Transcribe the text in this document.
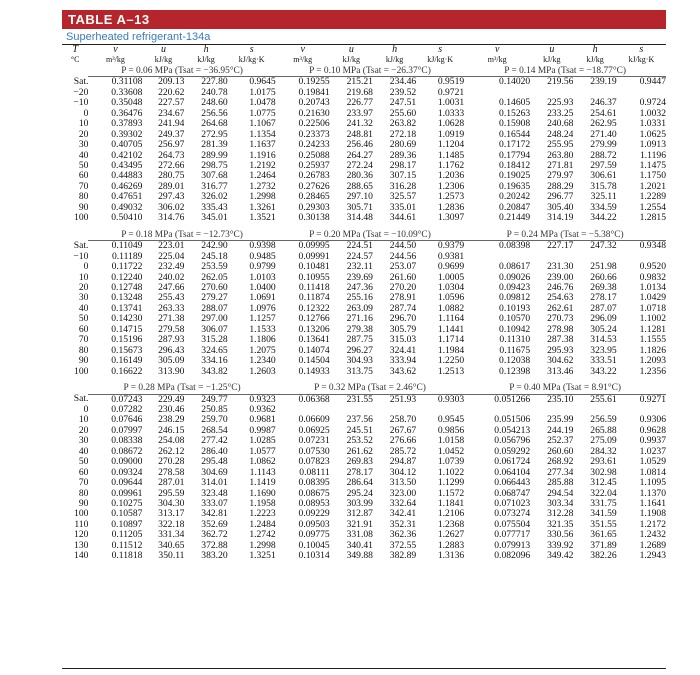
TABLE A–13
Superheated refrigerant-134a
T	v	u	h	s	v	u	h	s	v	u	h	s
°C	m³/kg	kJ/kg	kJ/kg	kJ/kg·K	m³/kg	kJ/kg	kJ/kg	kJ/kg·K	m³/kg	kJ/kg	kJ/kg	kJ/kg·K
	P = 0.06 MPa (Tsat = −36.95°C)				P = 0.10 MPa (Tsat = −26.37°C)				P = 0.14 MPa (Tsat = −18.77°C)			
Sat.	0.31108	209.13	227.80	0.9645	0.19255	215.21	234.46	0.9519	0.14020	219.56	239.19	0.9447
−20	0.33608	220.62	240.78	1.0175	0.19841	219.68	239.52	0.9721				
−10	0.35048	227.57	248.60	1.0478	0.20743	226.77	247.51	1.0031	0.14605	225.93	246.37	0.9724
0	0.36476	234.67	256.56	1.0775	0.21630	233.97	255.60	1.0333	0.15263	233.25	254.61	1.0032
10	0.37893	241.94	264.68	1.1067	0.22506	241.32	263.82	1.0628	0.15908	240.68	262.95	1.0331
20	0.39302	249.37	272.95	1.1354	0.23373	248.81	272.18	1.0919	0.16544	248.24	271.40	1.0625
30	0.40705	256.97	281.39	1.1637	0.24233	256.46	280.69	1.1204	0.17172	255.95	279.99	1.0913
40	0.42102	264.73	289.99	1.1916	0.25088	264.27	289.36	1.1485	0.17794	263.80	288.72	1.1196
50	0.43495	272.66	298.75	1.2192	0.25937	272.24	298.17	1.1762	0.18412	271.81	297.59	1.1475
60	0.44883	280.75	307.68	1.2464	0.26783	280.36	307.15	1.2036	0.19025	279.97	306.61	1.1750
70	0.46269	289.01	316.77	1.2732	0.27626	288.65	316.28	1.2306	0.19635	288.29	315.78	1.2021
80	0.47651	297.43	326.02	1.2998	0.28465	297.10	325.57	1.2573	0.20242	296.77	325.11	1.2289
90	0.49032	306.02	335.43	1.3261	0.29303	305.71	335.01	1.2836	0.20847	305.40	334.59	1.2554
100	0.50410	314.76	345.01	1.3521	0.30138	314.48	344.61	1.3097	0.21449	314.19	344.22	1.2815

	P = 0.18 MPa (Tsat = −12.73°C)				P = 0.20 MPa (Tsat = −10.09°C)				P = 0.24 MPa (Tsat = −5.38°C)			
Sat.	0.11049	223.01	242.90	0.9398	0.09995	224.51	244.50	0.9379	0.08398	227.17	247.32	0.9348
−10	0.11189	225.04	245.18	0.9485	0.09991	224.57	244.56	0.9381				
0	0.11722	232.49	253.59	0.9799	0.10481	232.11	253.07	0.9699	0.08617	231.30	251.98	0.9520
10	0.12240	240.02	262.05	1.0103	0.10955	239.69	261.60	1.0005	0.09026	239.00	260.66	0.9832
20	0.12748	247.66	270.60	1.0400	0.11418	247.36	270.20	1.0304	0.09423	246.76	269.38	1.0134
30	0.13248	255.43	279.27	1.0691	0.11874	255.16	278.91	1.0596	0.09812	254.63	278.17	1.0429
40	0.13741	263.33	288.07	1.0976	0.12322	263.09	287.74	1.0882	0.10193	262.61	287.07	1.0718
50	0.14230	271.38	297.00	1.1257	0.12766	271.16	296.70	1.1164	0.10570	270.73	296.09	1.1002
60	0.14715	279.58	306.07	1.1533	0.13206	279.38	305.79	1.1441	0.10942	278.98	305.24	1.1281
70	0.15196	287.93	315.28	1.1806	0.13641	287.75	315.03	1.1714	0.11310	287.38	314.53	1.1555
80	0.15673	296.43	324.65	1.2075	0.14074	296.27	324.41	1.1984	0.11675	295.93	323.95	1.1826
90	0.16149	305.09	334.16	1.2340	0.14504	304.93	333.94	1.2250	0.12038	304.62	333.51	1.2093
100	0.16622	313.90	343.82	1.2603	0.14933	313.75	343.62	1.2513	0.12398	313.46	343.22	1.2356

	P = 0.28 MPa (Tsat = −1.25°C)				P = 0.32 MPa (Tsat = 2.46°C)				P = 0.40 MPa (Tsat = 8.91°C)			
Sat.	0.07243	229.49	249.77	0.9323	0.06368	231.55	251.93	0.9303	0.051266	235.10	255.61	0.9271
0	0.07282	230.46	250.85	0.9362								
10	0.07646	238.29	259.70	0.9681	0.06609	237.56	258.70	0.9545	0.051506	235.99	256.59	0.9306
20	0.07997	246.15	268.54	0.9987	0.06925	245.51	267.67	0.9856	0.054213	244.19	265.88	0.9628
30	0.08338	254.08	277.42	1.0285	0.07231	253.52	276.66	1.0158	0.056796	252.37	275.09	0.9937
40	0.08672	262.12	286.40	1.0577	0.07530	261.62	285.72	1.0452	0.059292	260.60	284.32	1.0237
50	0.09000	270.28	295.48	1.0862	0.07823	269.83	294.87	1.0739	0.061724	268.92	293.61	1.0529
60	0.09324	278.58	304.69	1.1143	0.08111	278.17	304.12	1.1022	0.064104	277.34	302.98	1.0814
70	0.09644	287.01	314.01	1.1419	0.08395	286.64	313.50	1.1299	0.066443	285.88	312.45	1.1095
80	0.09961	295.59	323.48	1.1690	0.08675	295.24	323.00	1.1572	0.068747	294.54	322.04	1.1370
90	0.10275	304.30	333.07	1.1958	0.08953	303.99	332.64	1.1841	0.071023	303.34	331.75	1.1641
100	0.10587	313.17	342.81	1.2223	0.09229	312.87	342.41	1.2106	0.073274	312.28	341.59	1.1908
110	0.10897	322.18	352.69	1.2484	0.09503	321.91	352.31	1.2368	0.075504	321.35	351.55	1.2172
120	0.11205	331.34	362.72	1.2742	0.09775	331.08	362.36	1.2627	0.077717	330.56	361.65	1.2432
130	0.11512	340.65	372.88	1.2998	0.10045	340.41	372.55	1.2883	0.079913	339.92	371.89	1.2689
140	0.11818	350.11	383.20	1.3251	0.10314	349.88	382.89	1.3136	0.082096	349.42	382.26	1.2943
